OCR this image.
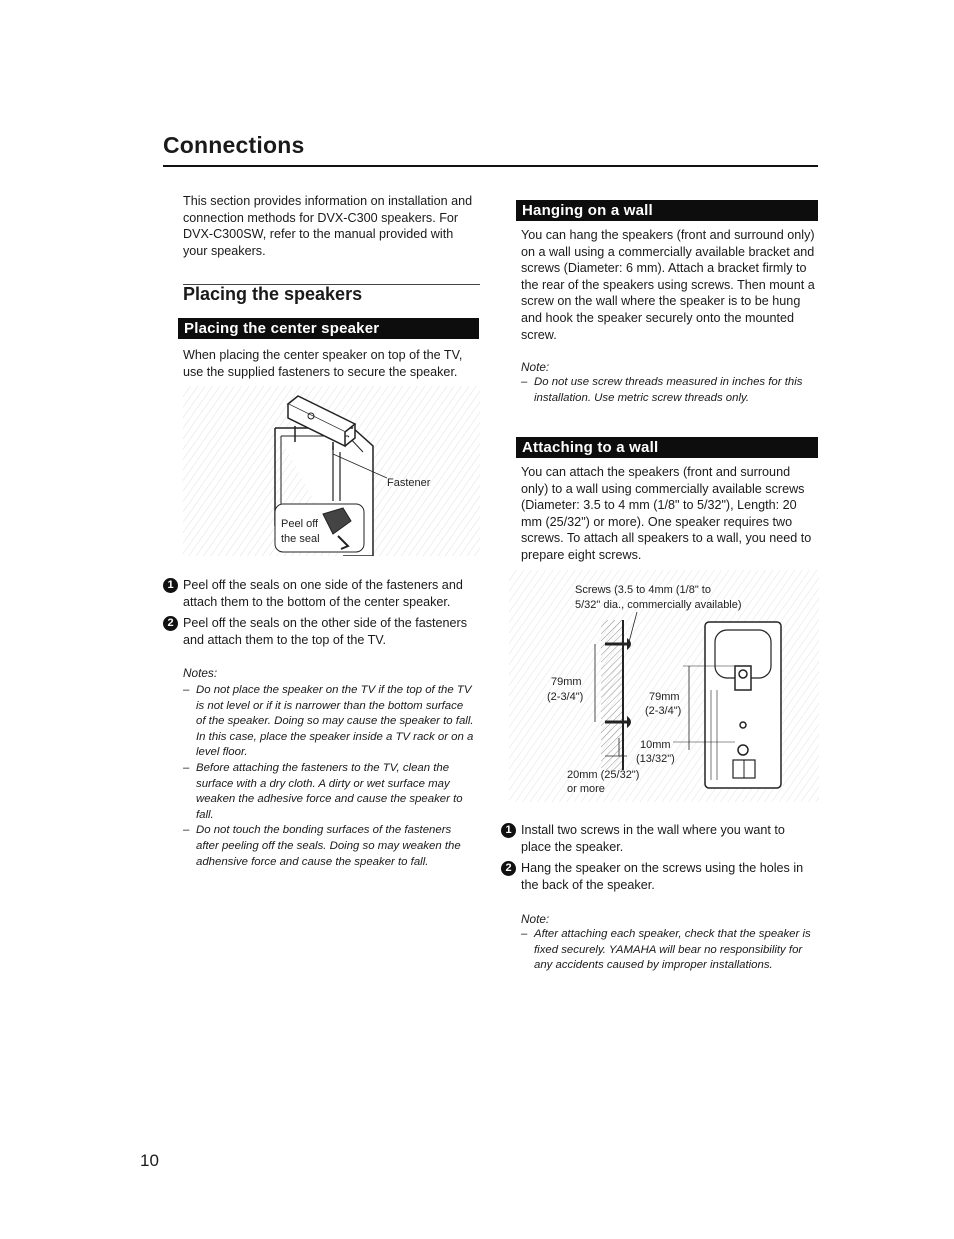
Connections
This section provides information on installation and connection methods for DVX-C300 speakers. For DVX-C300SW, refer to the manual provided with your speakers.
Placing the speakers
Placing the center speaker
When placing the center speaker on top of the TV, use the supplied fasteners to secure the speaker.
Fastener
Peel off
the seal
1 Peel off the seals on one side of the fasteners and attach them to the bottom of the center speaker.
2 Peel off the seals on the other side of the fasteners and attach them to the top of the TV.
Notes:
– Do not place the speaker on the TV if the top of the TV is not level or if it is narrower than the bottom surface of the speaker. Doing so may cause the speaker to fall. In this case, place the speaker inside a TV rack or on a level floor.
– Before attaching the fasteners to the TV, clean the surface with a dry cloth. A dirty or wet surface may weaken the adhesive force and cause the speaker to fall.
– Do not touch the bonding surfaces of the fasteners after peeling off the seals. Doing so may weaken the adhensive force and cause the speaker to fall.
Hanging on a wall
You can hang the speakers (front and surround only) on a wall using a commercially available bracket and screws (Diameter: 6 mm). Attach a bracket firmly to the rear of the speakers using screws. Then mount a screw on the wall where the speaker is to be hung and hook the speaker securely onto the mounted screw.
Note:
– Do not use screw threads measured in inches for this installation. Use metric screw threads only.
Attaching to a wall
You can attach the speakers (front and surround only) to a wall using commercially available screws (Diameter: 3.5 to 4 mm (1/8" to 5/32"), Length: 20 mm (25/32") or more). One speaker requires two screws. To attach all speakers to a wall, you need to prepare eight screws.
Screws (3.5 to 4mm (1/8" to
5/32" dia., commercially available)
79mm
(2-3/4")
20mm (25/32")
or more
79mm
(2-3/4")
10mm
(13/32")
1 Install two screws in the wall where you want to place the speaker.
2 Hang the speaker on the screws using the holes in the back of the speaker.
Note:
– After attaching each speaker, check that the speaker is fixed securely. YAMAHA will bear no responsibility for any accidents caused by improper installations.
10
